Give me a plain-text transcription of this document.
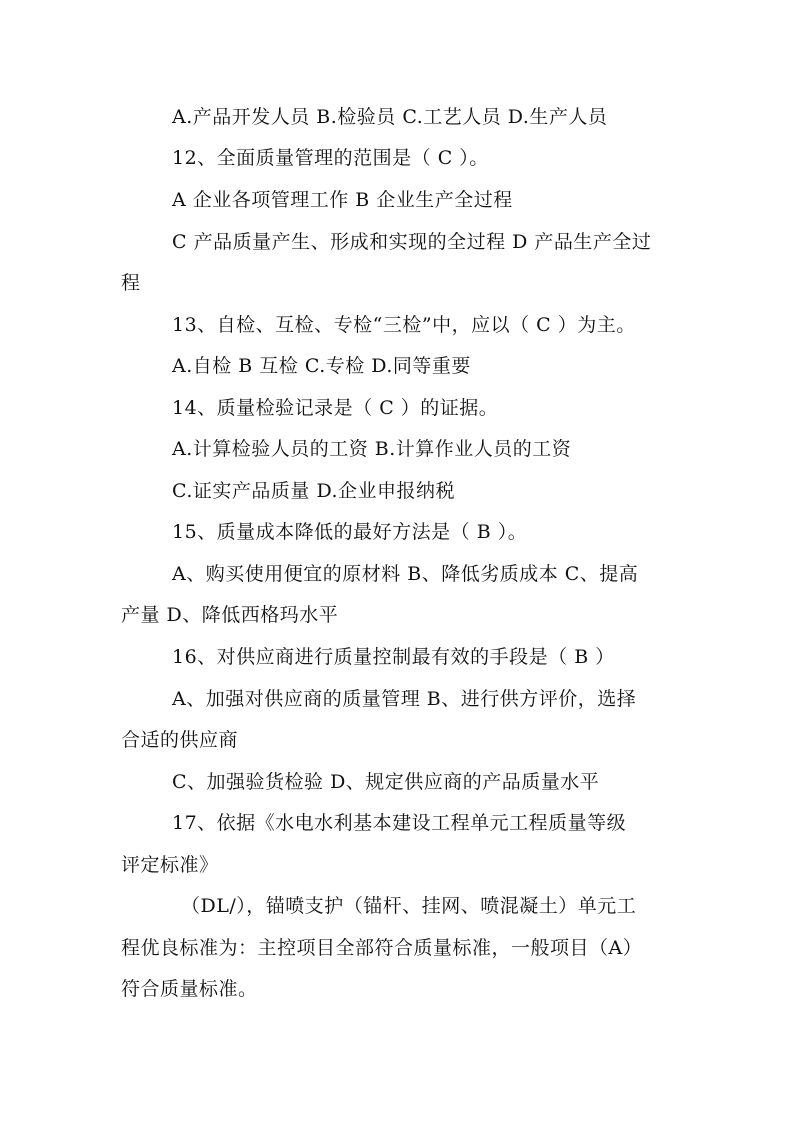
A.产品开发人员 B.检验员 C.工艺人员 D.生产人员
12、全面质量管理的范围是（ C ）。
A 企业各项管理工作 B 企业生产全过程
C 产品质量产生、形成和实现的全过程 D 产品生产全过
程
13、自检、互检、专检“三检”中，应以（ C ）为主。
A.自检 B 互检 C.专检 D.同等重要
14、质量检验记录是（ C ）的证据。
A.计算检验人员的工资 B.计算作业人员的工资
C.证实产品质量 D.企业申报纳税
15、质量成本降低的最好方法是（ B ）。
A、购买使用便宜的原材料 B、降低劣质成本 C、提高
产量 D、降低西格玛水平
16、对供应商进行质量控制最有效的手段是（ B ）
A、加强对供应商的质量管理 B、进行供方评价，选择
合适的供应商
C、加强验货检验 D、规定供应商的产品质量水平
17、依据《水电水利基本建设工程单元工程质量等级
评定标准》
（DL/），锚喷支护（锚杆、挂网、喷混凝土）单元工
程优良标准为：主控项目全部符合质量标准，一般项目（A）
符合质量标准。
